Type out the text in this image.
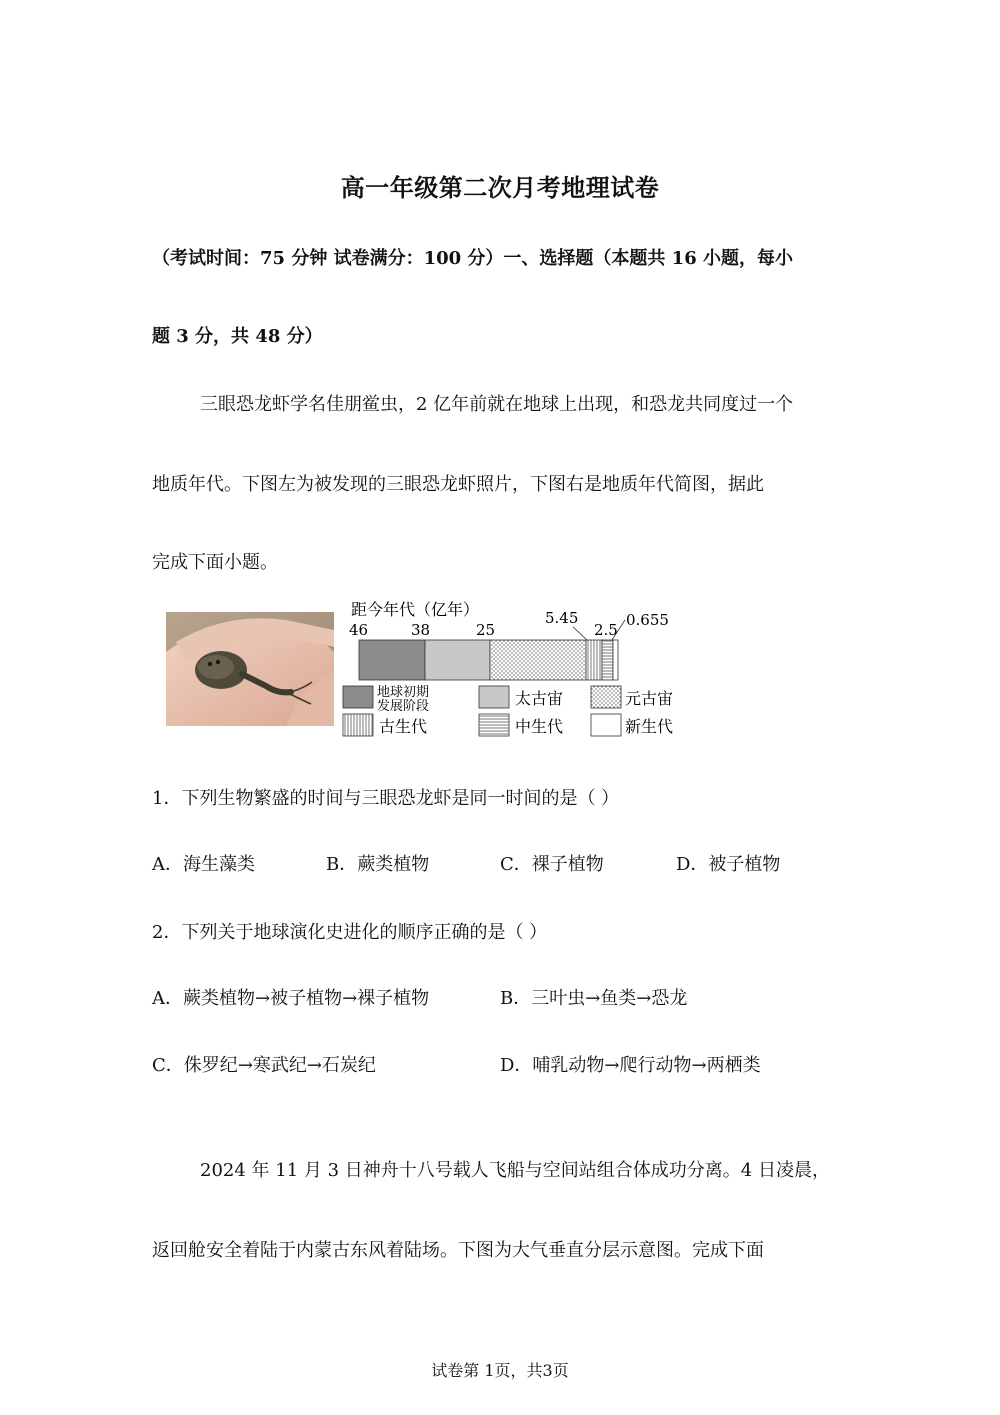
高一年级第二次月考地理试卷
（考试时间：75 分钟 试卷满分：100 分）一、选择题（本题共 16 小题，每小
题 3 分，共 48 分）
三眼恐龙虾学名佳朋鲎虫，2 亿年前就在地球上出现，和恐龙共同度过一个
地质年代。下图左为被发现的三眼恐龙虾照片，下图右是地质年代简图，据此
完成下面小题。
距今年代（亿年）
46	38	25
5.45
2.5
0.655
地球初期
发展阶段	太古宙	元古宙
古生代	中生代	新生代
1．下列生物繁盛的时间与三眼恐龙虾是同一时间的是（ ）
A．海生藻类	B．蕨类植物	C．裸子植物	D．被子植物
2．下列关于地球演化史进化的顺序正确的是（ ）
A．蕨类植物→被子植物→裸子植物	B．三叶虫→鱼类→恐龙
C．侏罗纪→寒武纪→石炭纪	D．哺乳动物→爬行动物→两栖类
2024 年 11 月 3 日神舟十八号载人飞船与空间站组合体成功分离。4 日凌晨，
返回舱安全着陆于内蒙古东风着陆场。下图为大气垂直分层示意图。完成下面
试卷第 1页，共3页
